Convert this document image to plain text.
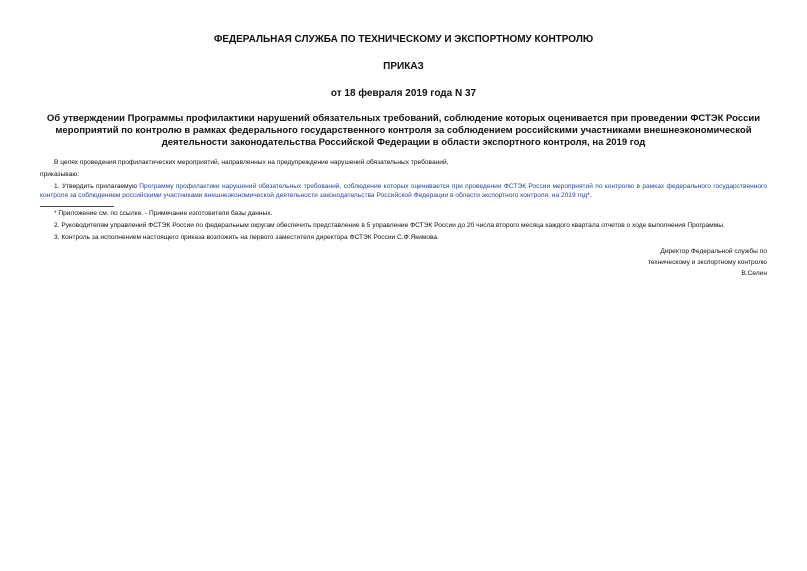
ФЕДЕРАЛЬНАЯ СЛУЖБА ПО ТЕХНИЧЕСКОМУ И ЭКСПОРТНОМУ КОНТРОЛЮ

ПРИКАЗ
от 18 февраля 2019 года N 37
Об утверждении Программы профилактики нарушений обязательных требований, соблюдение которых оценивается при проведении ФСТЭК России мероприятий по контролю в рамках федерального государственного контроля за соблюдением российскими участниками внешнеэкономической деятельности законодательства Российской Федерации в области экспортного контроля, на 2019 год

В целях проведения профилактических мероприятий, направленных на предупреждение нарушений обязательных требований,

приказываю:

1. Утвердить прилагаемую Программу профилактики нарушений обязательных требований, соблюдение которых оценивается при проведении ФСТЭК России мероприятий по контролю в рамках федерального государственного контроля за соблюдением российскими участниками внешнеэкономической деятельности законодательства Российской Федерации в области экспортного контроля, на 2019 год*.

* Приложение см. по ссылке. - Примечание изготовителя базы данных.

2. Руководителям управлений ФСТЭК России по федеральным округам обеспечить представление в 5 управление ФСТЭК России до 20 числа второго месяца каждого квартала отчетов о ходе выполнения Программы.

3. Контроль за исполнением настоящего приказа возложить на первого заместителя директора ФСТЭК России С.Ф.Якимова.

Директор Федеральной службы по
техническому и экспортному контролю
В.Селин
